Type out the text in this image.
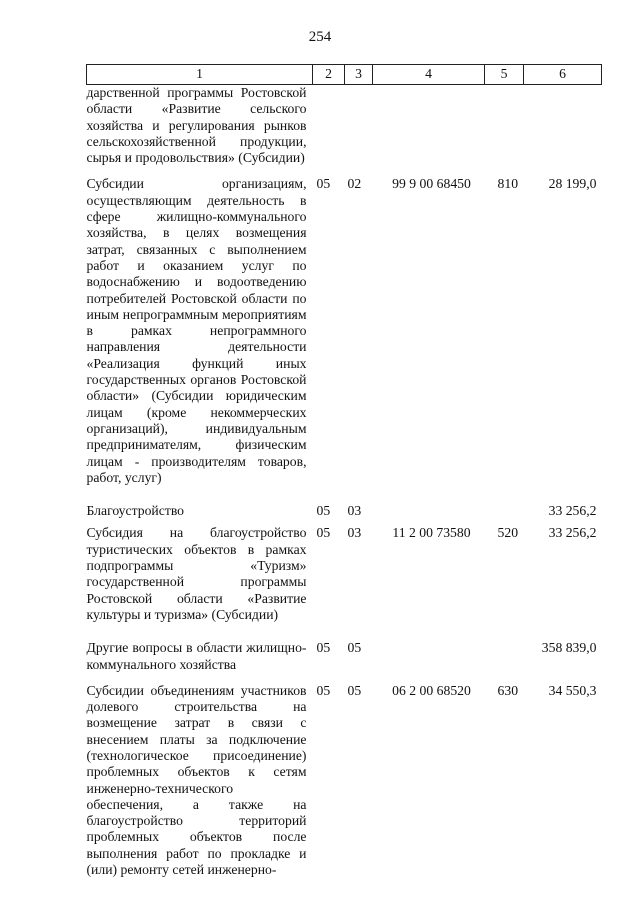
254
1	2	3	4	5	6
дарственной программы Ростовской области «Развитие сельского хозяйства и регулирования рынков сельскохозяйственной продукции, сырья и продовольствия» (Субсидии)					
Субсидии организациям, осуществляющим деятельность в сфере жилищно-коммунального хозяйства, в целях возмещения затрат, связанных с выполнением работ и оказанием услуг по водоснабжению и водоотведению потребителей Ростовской области по иным непрограммным мероприятиям в рамках непрограммного направления деятельности «Реализация функций иных государственных органов Ростовской области» (Субсидии юридическим лицам (кроме некоммерческих организаций), индивидуальным предпринимателям, физическим лицам - производителям товаров, работ, услуг)	05	02	99 9 00 68450	810	28 199,0
Благоустройство	05	03			33 256,2
Субсидия на благоустройство туристических объектов в рамках подпрограммы «Туризм» государственной программы Ростовской области «Развитие культуры и туризма» (Субсидии)	05	03	11 2 00 73580	520	33 256,2
Другие вопросы в области жилищно-коммунального хозяйства	05	05			358 839,0
Субсидии объединениям участников долевого строительства на возмещение затрат в связи с внесением платы за подключение (технологическое присоединение) проблемных объектов к сетям инженерно-технического обеспечения, а также на благоустройство территорий проблемных объектов после выполнения работ по прокладке и (или) ремонту сетей инженерно-	05	05	06 2 00 68520	630	34 550,3
